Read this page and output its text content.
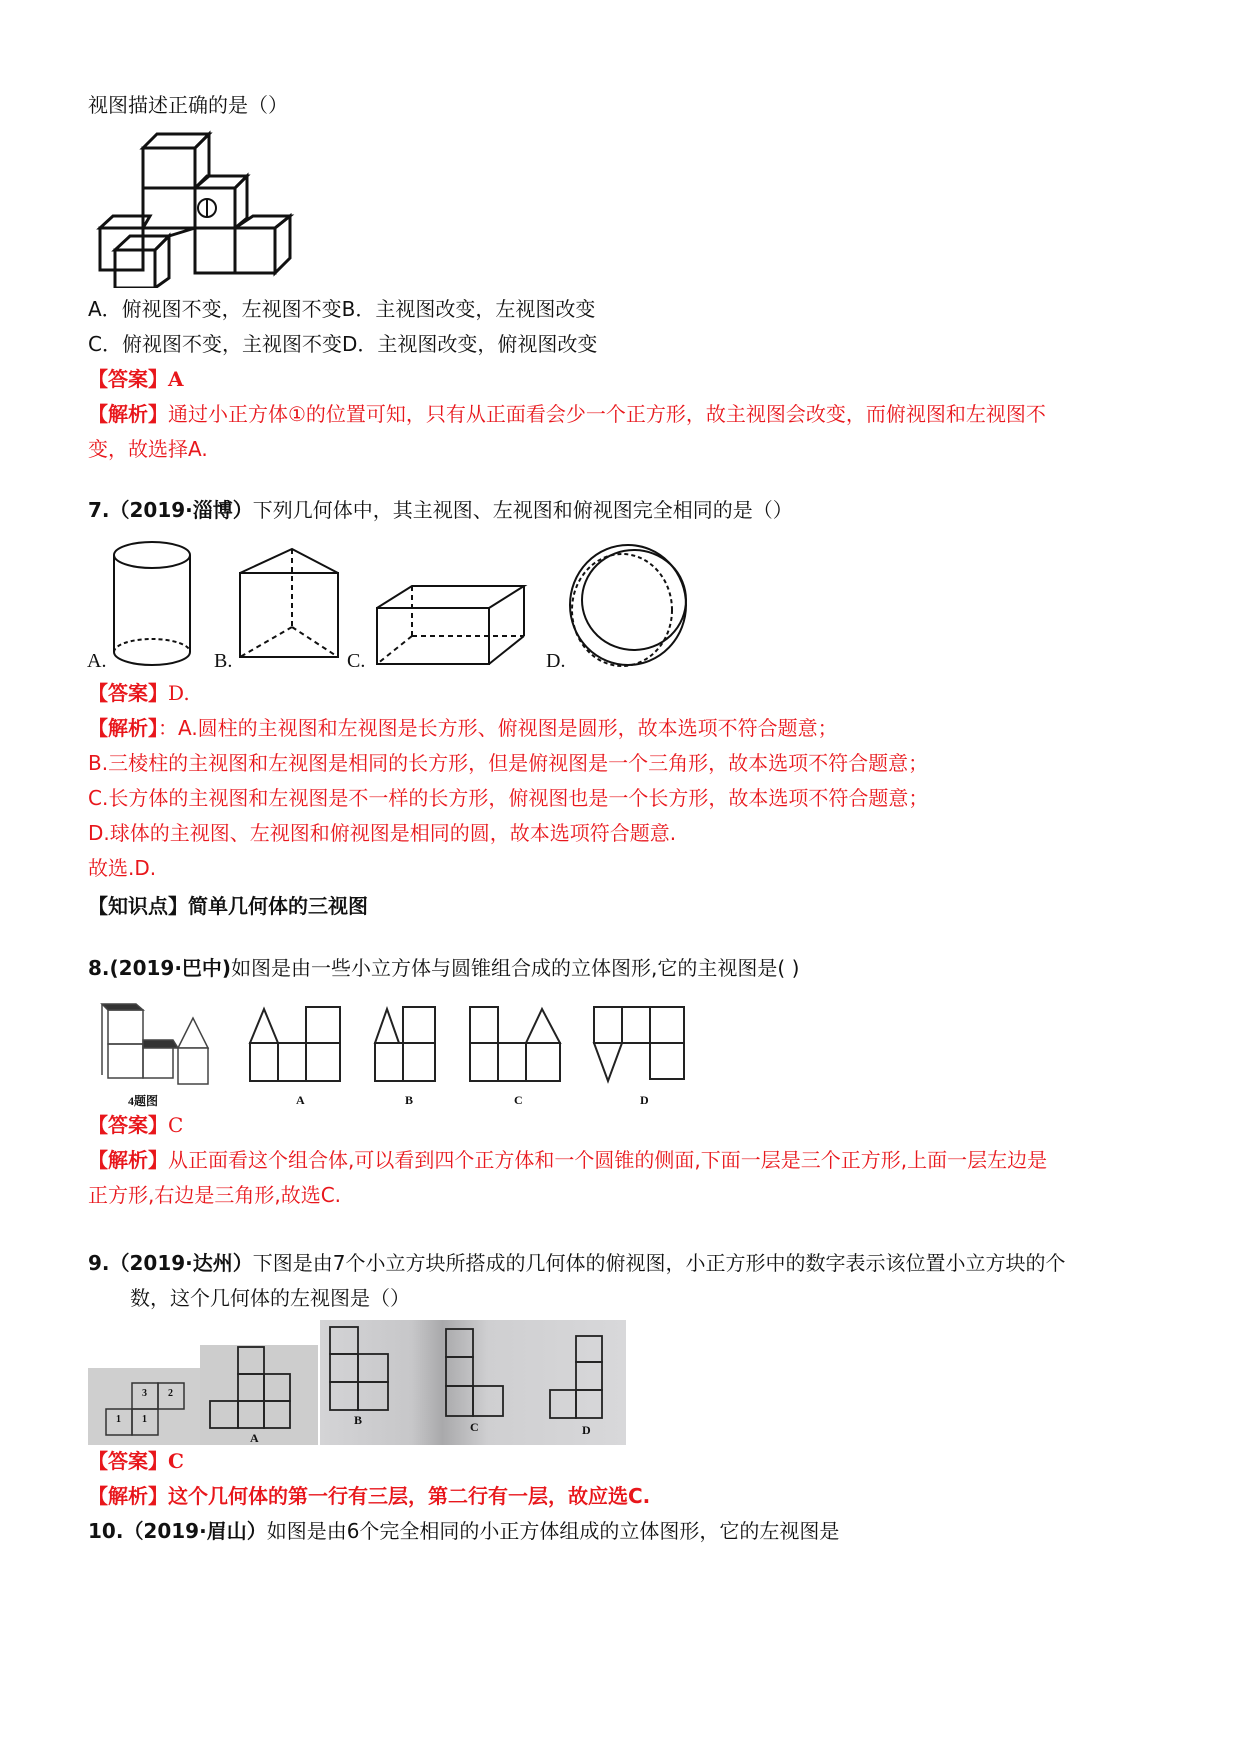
视图描述正确的是（）
A．俯视图不变，左视图不变B．主视图改变，左视图改变
C．俯视图不变，主视图不变D．主视图改变，俯视图改变
【答案】A
【解析】通过小正方体①的位置可知，只有从正面看会少一个正方形，故主视图会改变，而俯视图和左视图不
变，故选择A.
7.（2019·淄博）下列几何体中，其主视图、左视图和俯视图完全相同的是（）
A.	B.	C.	D.
【答案】D.
【解析】：A.圆柱的主视图和左视图是长方形、俯视图是圆形，故本选项不符合题意；
B.三棱柱的主视图和左视图是相同的长方形，但是俯视图是一个三角形，故本选项不符合题意；
C.长方体的主视图和左视图是不一样的长方形，俯视图也是一个长方形，故本选项不符合题意；
D.球体的主视图、左视图和俯视图是相同的圆，故本选项符合题意.
故选.D.
【知识点】简单几何体的三视图
8.(2019·巴中)如图是由一些小立方体与圆锥组合成的立体图形,它的主视图是( )
4题图	A	B	C	D
【答案】C
【解析】从正面看这个组合体,可以看到四个正方体和一个圆锥的侧面,下面一层是三个正方形,上面一层左边是
正方形,右边是三角形,故选C.
9.（2019·达州）下图是由7个小立方块所搭成的几何体的俯视图，小正方形中的数字表示该位置小立方块的个
数，这个几何体的左视图是（）
3 2
1 1
A
B	C	D
【答案】C
【解析】这个几何体的第一行有三层，第二行有一层，故应选C.
10.（2019·眉山）如图是由6个完全相同的小正方体组成的立体图形，它的左视图是
